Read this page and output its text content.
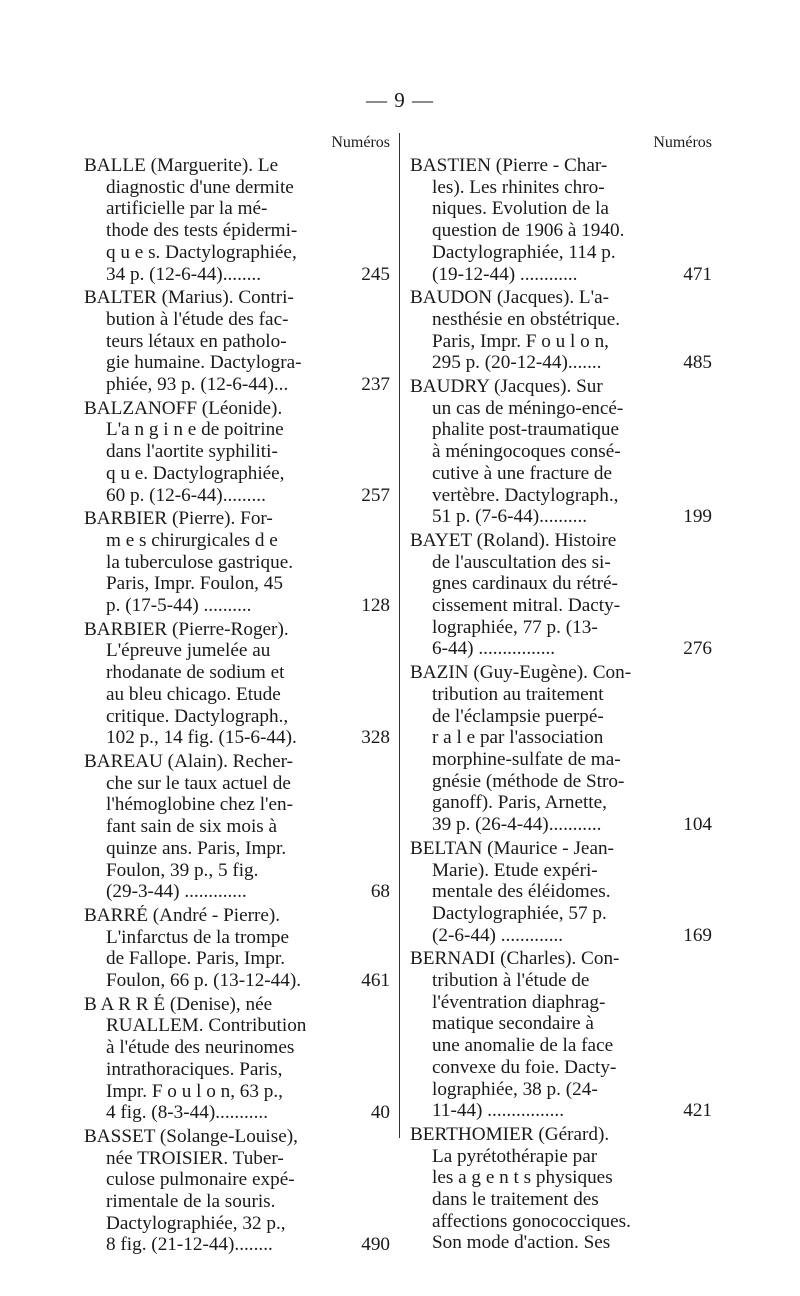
— 9 —
Numéros
BALLE (Marguerite). Le
diagnostic d'une dermite
artificielle par la mé-
thode des tests épidermi-
q u e s. Dactylographiée,
34 p. (12-6-44)........	245
BALTER (Marius). Contri-
bution à l'étude des fac-
teurs létaux en patholo-
gie humaine. Dactylogra-
phiée, 93 p. (12-6-44)...	237
BALZANOFF (Léonide).
L'a n g i n e de poitrine
dans l'aortite syphiliti-
q u e. Dactylographiée,
60 p. (12-6-44).........	257
BARBIER (Pierre). For-
m e s chirurgicales d e
la tuberculose gastrique.
Paris, Impr. Foulon, 45
p. (17-5-44) ..........	128
BARBIER (Pierre-Roger).
L'épreuve jumelée au
rhodanate de sodium et
au bleu chicago. Etude
critique. Dactylograph.,
102 p., 14 fig. (15-6-44).	328
BAREAU (Alain). Recher-
che sur le taux actuel de
l'hémoglobine chez l'en-
fant sain de six mois à
quinze ans. Paris, Impr.
Foulon, 39 p., 5 fig.
(29-3-44) .............	68
BARRÉ (André - Pierre).
L'infarctus de la trompe
de Fallope. Paris, Impr.
Foulon, 66 p. (13-12-44).	461
B A R R É (Denise), née
RUALLEM. Contribution
à l'étude des neurinomes
intrathoraciques. Paris,
Impr. F o u l o n, 63 p.,
4 fig. (8-3-44)...........	40
BASSET (Solange-Louise),
née TROISIER. Tuber-
culose pulmonaire expé-
rimentale de la souris.
Dactylographiée, 32 p.,
8 fig. (21-12-44)........	490
Numéros
BASTIEN (Pierre - Char-
les). Les rhinites chro-
niques. Evolution de la
question de 1906 à 1940.
Dactylographiée, 114 p.
(19-12-44) ............	471
BAUDON (Jacques). L'a-
nesthésie en obstétrique.
Paris, Impr. F o u l o n,
295 p. (20-12-44).......	485
BAUDRY (Jacques). Sur
un cas de méningo-encé-
phalite post-traumatique
à méningocoques consé-
cutive à une fracture de
vertèbre. Dactylograph.,
51 p. (7-6-44)..........	199
BAYET (Roland). Histoire
de l'auscultation des si-
gnes cardinaux du rétré-
cissement mitral. Dacty-
lographiée, 77 p. (13-
6-44) ................	276
BAZIN (Guy-Eugène). Con-
tribution au traitement
de l'éclampsie puerpé-
r a l e par l'association
morphine-sulfate de ma-
gnésie (méthode de Stro-
ganoff). Paris, Arnette,
39 p. (26-4-44)...........	104
BELTAN (Maurice - Jean-
Marie). Etude expéri-
mentale des éléidomes.
Dactylographiée, 57 p.
(2-6-44) .............	169
BERNADI (Charles). Con-
tribution à l'étude de
l'éventration diaphrag-
matique secondaire à
une anomalie de la face
convexe du foie. Dacty-
lographiée, 38 p. (24-
11-44) ................	421
BERTHOMIER (Gérard).
La pyrétothérapie par
les a g e n t s physiques
dans le traitement des
affections gonococciques.
Son mode d'action. Ses
